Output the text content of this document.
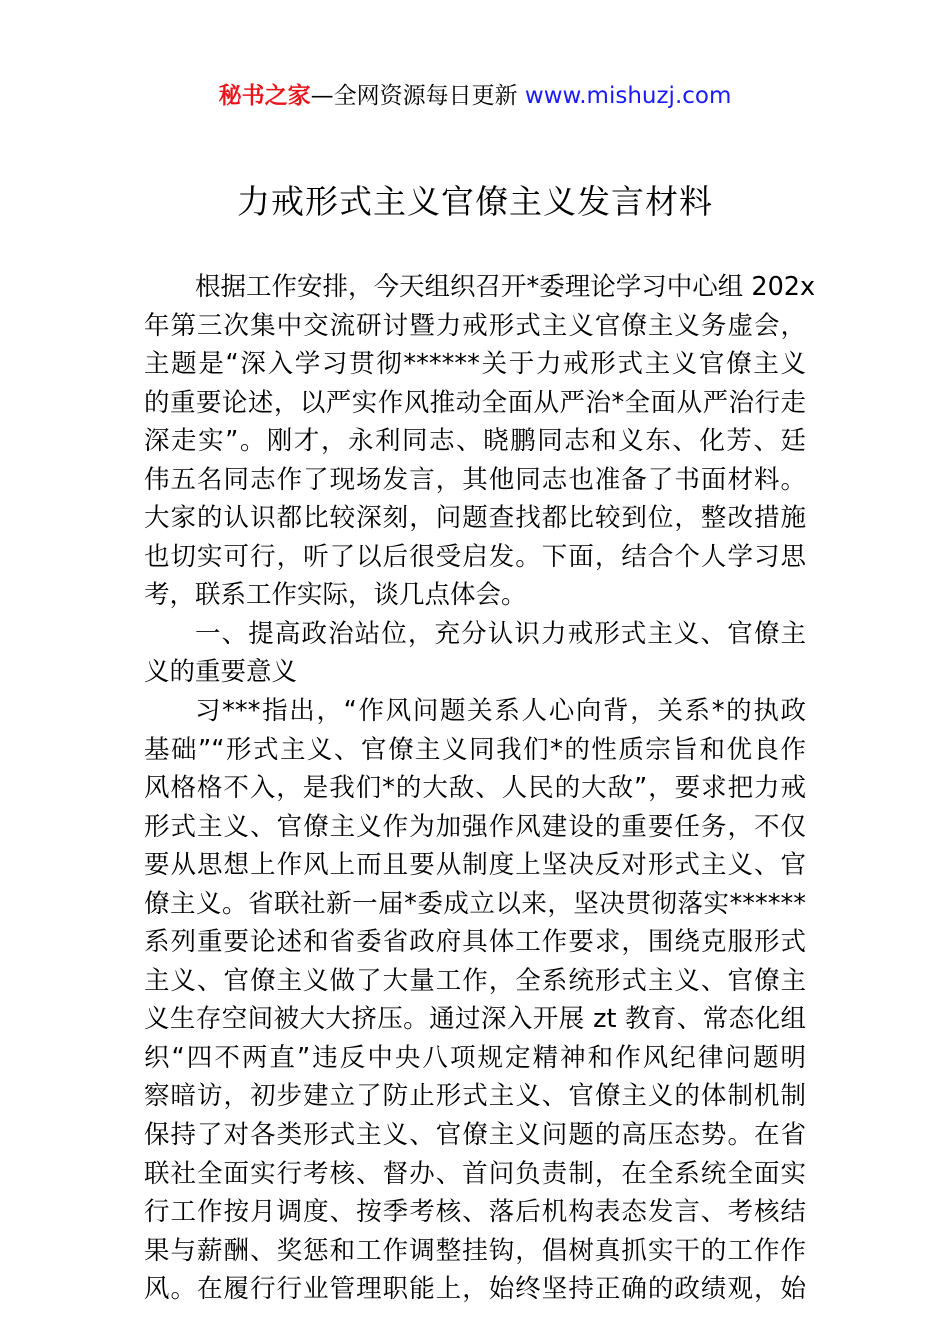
秘书之家—全网资源每日更新 www.mishuzj.com
力戒形式主义官僚主义发言材料
根据工作安排，今天组织召开*委理论学习中心组 202x
年第三次集中交流研讨暨力戒形式主义官僚主义务虚会，
主题是“深入学习贯彻******关于力戒形式主义官僚主义
的重要论述，以严实作风推动全面从严治*全面从严治行走
深走实”。刚才，永利同志、晓鹏同志和义东、化芳、廷
伟五名同志作了现场发言，其他同志也准备了书面材料。
大家的认识都比较深刻，问题查找都比较到位，整改措施
也切实可行，听了以后很受启发。下面，结合个人学习思
考，联系工作实际，谈几点体会。
一、提高政治站位，充分认识力戒形式主义、官僚主
义的重要意义
习***指出，“作风问题关系人心向背，关系*的执政
基础”“形式主义、官僚主义同我们*的性质宗旨和优良作
风格格不入，是我们*的大敌、人民的大敌”，要求把力戒
形式主义、官僚主义作为加强作风建设的重要任务，不仅
要从思想上作风上而且要从制度上坚决反对形式主义、官
僚主义。省联社新一届*委成立以来，坚决贯彻落实******
系列重要论述和省委省政府具体工作要求，围绕克服形式
主义、官僚主义做了大量工作，全系统形式主义、官僚主
义生存空间被大大挤压。通过深入开展 zt 教育、常态化组
织“四不两直”违反中央八项规定精神和作风纪律问题明
察暗访，初步建立了防止形式主义、官僚主义的体制机制
保持了对各类形式主义、官僚主义问题的高压态势。在省
联社全面实行考核、督办、首问负责制，在全系统全面实
行工作按月调度、按季考核、落后机构表态发言、考核结
果与薪酬、奖惩和工作调整挂钩，倡树真抓实干的工作作
风。在履行行业管理职能上，始终坚持正确的政绩观，始
